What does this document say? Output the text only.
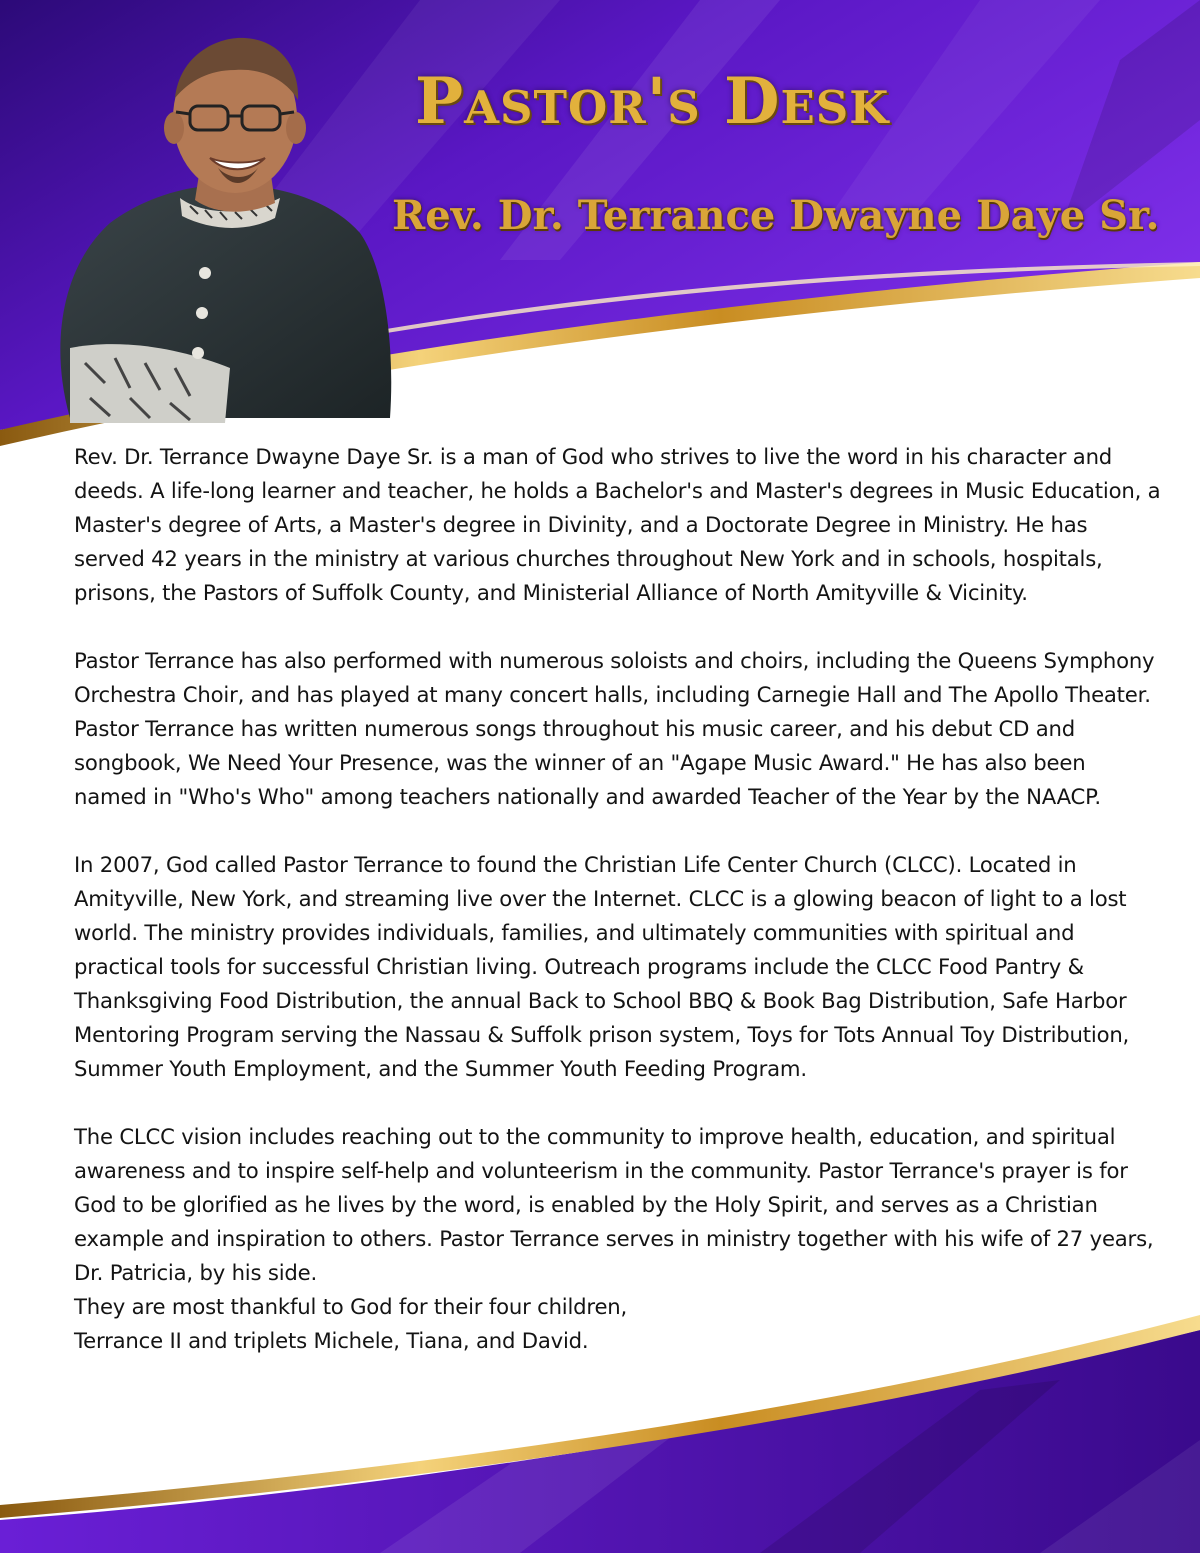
Pastor's Desk
Rev. Dr. Terrance Dwayne Daye Sr.

Rev. Dr. Terrance Dwayne Daye Sr. is a man of God who strives to live the word in his character and deeds. A life-long learner and teacher, he holds a Bachelor's and Master's degrees in Music Education, a Master's degree of Arts, a Master's degree in Divinity, and a Doctorate Degree in Ministry. He has served 42 years in the ministry at various churches throughout New York and in schools, hospitals, prisons, the Pastors of Suffolk County, and Ministerial Alliance of North Amityville & Vicinity.

Pastor Terrance has also performed with numerous soloists and choirs, including the Queens Symphony Orchestra Choir, and has played at many concert halls, including Carnegie Hall and The Apollo Theater. Pastor Terrance has written numerous songs throughout his music career, and his debut CD and songbook, We Need Your Presence, was the winner of an "Agape Music Award." He has also been named in "Who's Who" among teachers nationally and awarded Teacher of the Year by the NAACP.

In 2007, God called Pastor Terrance to found the Christian Life Center Church (CLCC). Located in Amityville, New York, and streaming live over the Internet. CLCC is a glowing beacon of light to a lost world. The ministry provides individuals, families, and ultimately communities with spiritual and practical tools for successful Christian living. Outreach programs include the CLCC Food Pantry & Thanksgiving Food Distribution, the annual Back to School BBQ & Book Bag Distribution, Safe Harbor Mentoring Program serving the Nassau & Suffolk prison system, Toys for Tots Annual Toy Distribution, Summer Youth Employment, and the Summer Youth Feeding Program.

The CLCC vision includes reaching out to the community to improve health, education, and spiritual awareness and to inspire self-help and volunteerism in the community. Pastor Terrance's prayer is for God to be glorified as he lives by the word, is enabled by the Holy Spirit, and serves as a Christian example and inspiration to others. Pastor Terrance serves in ministry together with his wife of 27 years, Dr. Patricia, by his side.

They are most thankful to God for their four children,

Terrance II and triplets Michele, Tiana, and David.
